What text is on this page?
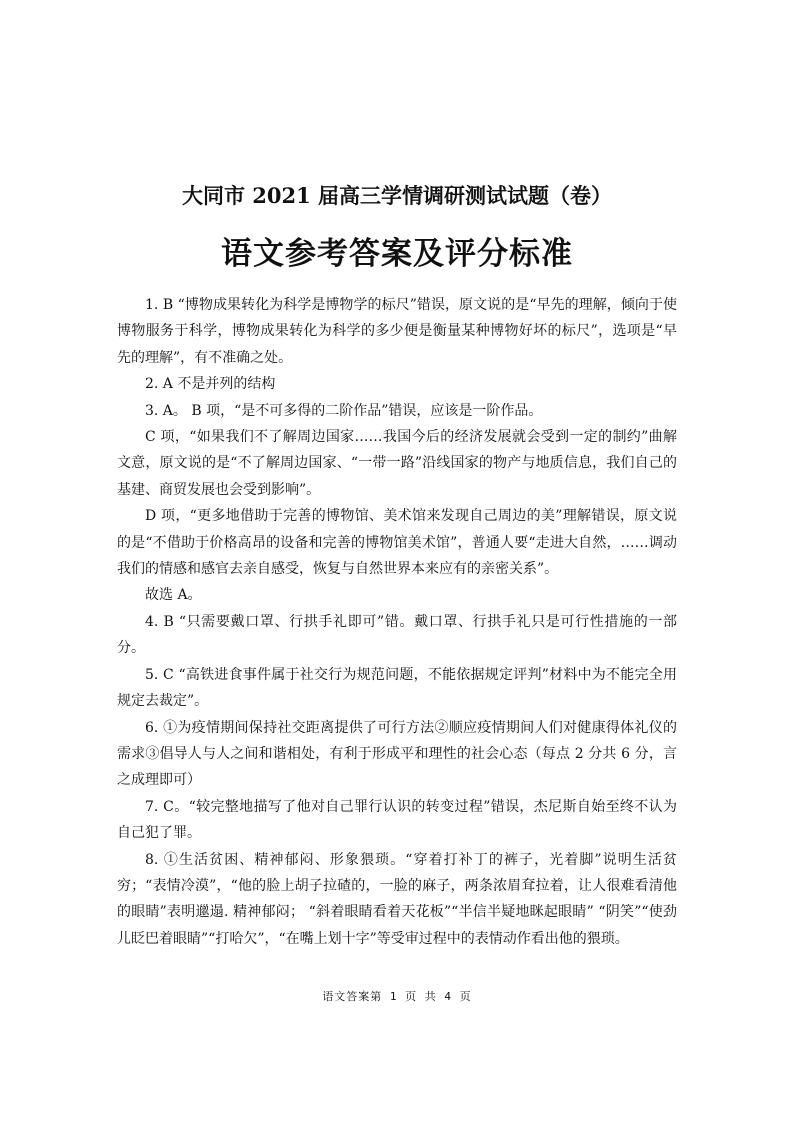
大同市 2021 届高三学情调研测试试题（卷）
语文参考答案及评分标准

1. B “博物成果转化为科学是博物学的标尺”错误，原文说的是“早先的理解，倾向于使博物服务于科学，博物成果转化为科学的多少便是衡量某种博物好坏的标尺”，选项是“早先的理解”，有不准确之处。

2. A 不是并列的结构

3. A。 B 项，“是不可多得的二阶作品”错误，应该是一阶作品。

C 项，“如果我们不了解周边国家……我国今后的经济发展就会受到一定的制约”曲解文意，原文说的是“不了解周边国家、“一带一路”沿线国家的物产与地质信息，我们自己的基建、商贸发展也会受到影响”。

D 项，“更多地借助于完善的博物馆、美术馆来发现自己周边的美”理解错误，原文说的是“不借助于价格高昂的设备和完善的博物馆美术馆”，普通人要“走进大自然，……调动我们的情感和感官去亲自感受，恢复与自然世界本来应有的亲密关系”。

故选 A。

4. B “只需要戴口罩、行拱手礼即可”错。戴口罩、行拱手礼只是可行性措施的一部分。

5. C “高铁进食事件属于社交行为规范问题，不能依据规定评判”材料中为不能完全用规定去裁定”。

6. ①为疫情期间保持社交距离提供了可行方法②顺应疫情期间人们对健康得体礼仪的需求③倡导人与人之间和谐相处，有利于形成平和理性的社会心态（每点 2 分共 6 分，言之成理即可）

7. C。“较完整地描写了他对自己罪行认识的转变过程”错误，杰尼斯自始至终不认为自己犯了罪。

8. ①生活贫困、精神郁闷、形象猥琐。“穿着打补丁的裤子，光着脚”说明生活贫穷；“表情冷漠”，“他的脸上胡子拉碴的，一脸的麻子，两条浓眉耷拉着，让人很难看清他的眼睛”表明邋遢. 精神郁闷； “斜着眼睛看着天花板”“半信半疑地眯起眼睛” “阴笑”“使劲儿眨巴着眼睛”“打哈欠”，“在嘴上划十字”等受审过程中的表情动作看出他的猥琐。

语文答案第 1 页 共 4 页
